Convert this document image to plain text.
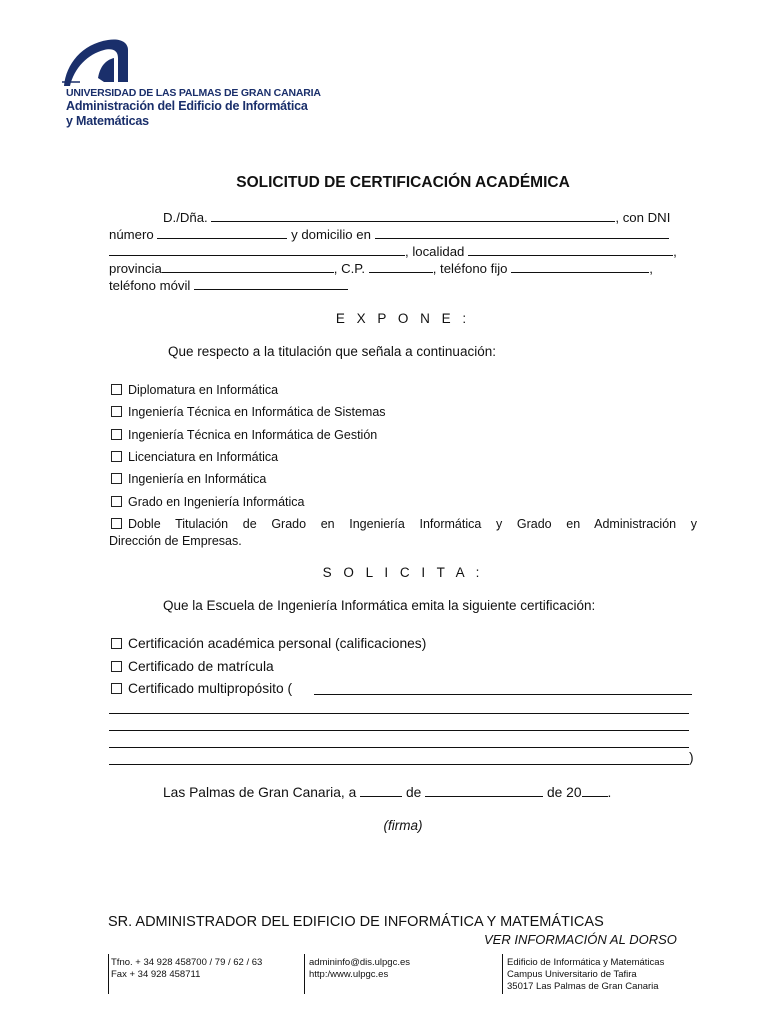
UNIVERSIDAD DE LAS PALMAS DE GRAN CANARIA
Administración del Edificio de Informática
y Matemáticas
SOLICITUD DE CERTIFICACIÓN ACADÉMICA
D./Dña.	, con DNI
número	y domicilio en
, localidad	,
provincia	, C.P.	, teléfono fijo	,
teléfono móvil
E X P O N E :
Que respecto a la titulación que señala a continuación:
Diplomatura en Informática
Ingeniería Técnica en Informática de Sistemas
Ingeniería Técnica en Informática de Gestión
Licenciatura en Informática
Ingeniería en Informática
Grado en Ingeniería Informática
Doble Titulación de Grado en Ingeniería Informática y Grado en Administración y
Dirección de Empresas.
S O L I C I T A :
Que la Escuela de Ingeniería Informática emita la siguiente certificación:
Certificación académica personal (calificaciones)
Certificado de matrícula
Certificado multipropósito (
)
Las Palmas de Gran Canaria, a	de	de 20 .
(firma)
SR. ADMINISTRADOR DEL EDIFICIO DE INFORMÁTICA Y MATEMÁTICAS
VER INFORMACIÓN AL DORSO
Tfno. + 34 928 458700 / 79 / 62 / 63
Fax + 34 928 458711
admininfo@dis.ulpgc.es
http:/www.ulpgc.es
Edificio de Informática y Matemáticas
Campus Universitario de Tafira
35017 Las Palmas de Gran Canaria
